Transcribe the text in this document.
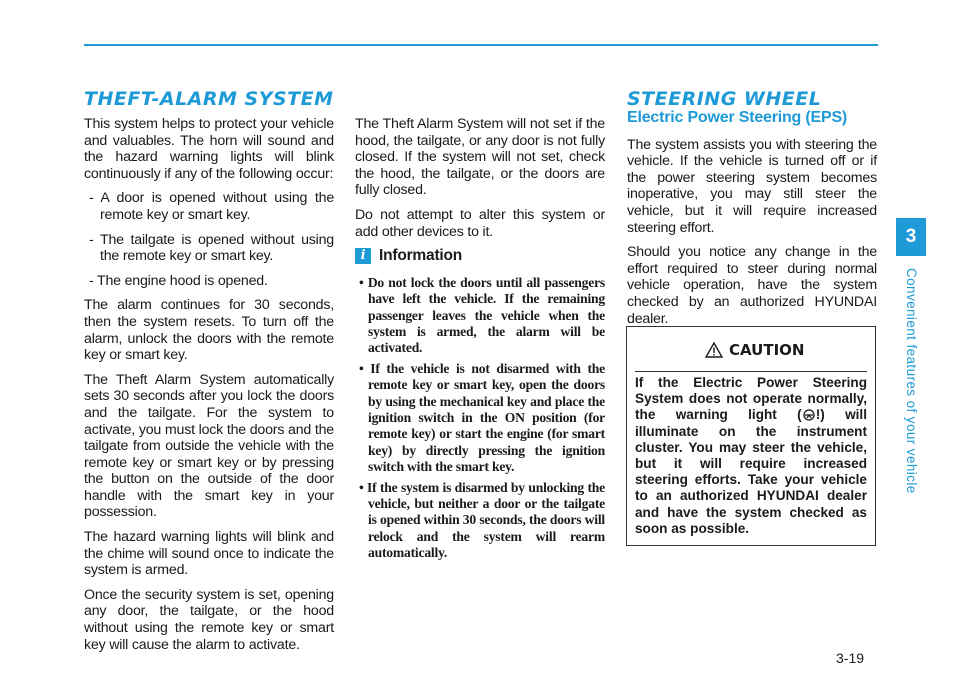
THEFT-ALARM SYSTEM

This system helps to protect your vehicle and valuables. The horn will sound and the hazard warning lights will blink continuously if any of the following occur:

- A door is opened without using the remote key or smart key.
- The tailgate is opened without using the remote key or smart key.
- The engine hood is opened.

The alarm continues for 30 seconds, then the system resets. To turn off the alarm, unlock the doors with the remote key or smart key.

The Theft Alarm System automatically sets 30 seconds after you lock the doors and the tailgate. For the system to activate, you must lock the doors and the tailgate from outside the vehicle with the remote key or smart key or by pressing the button on the outside of the door handle with the smart key in your possession.

The hazard warning lights will blink and the chime will sound once to indicate the system is armed.

Once the security system is set, opening any door, the tailgate, or the hood without using the remote key or smart key will cause the alarm to activate.

The Theft Alarm System will not set if the hood, the tailgate, or any door is not fully closed. If the system will not set, check the hood, the tailgate, or the doors are fully closed.

Do not attempt to alter this system or add other devices to it.

i Information
• Do not lock the doors until all passengers have left the vehicle. If the remaining passenger leaves the vehicle when the system is armed, the alarm will be activated.
• If the vehicle is not disarmed with the remote key or smart key, open the doors by using the mechanical key and place the ignition switch in the ON position (for remote key) or start the engine (for smart key) by directly pressing the ignition switch with the smart key.
• If the system is disarmed by unlocking the vehicle, but neither a door or the tailgate is opened within 30 seconds, the doors will relock and the system will rearm automatically.
STEERING WHEEL
Electric Power Steering (EPS)

The system assists you with steering the vehicle. If the vehicle is turned off or if the power steering system becomes inoperative, you may still steer the vehicle, but it will require increased steering effort.

Should you notice any change in the effort required to steer during normal vehicle operation, have the system checked by an authorized HYUNDAI dealer.

CAUTION
If the Electric Power Steering System does not operate normally, the warning light ( !) will illuminate on the instrument cluster. You may steer the vehicle, but it will require increased steering efforts. Take your vehicle to an authorized HYUNDAI dealer and have the system checked as soon as possible.
3
Convenient features of your vehicle
3-19
